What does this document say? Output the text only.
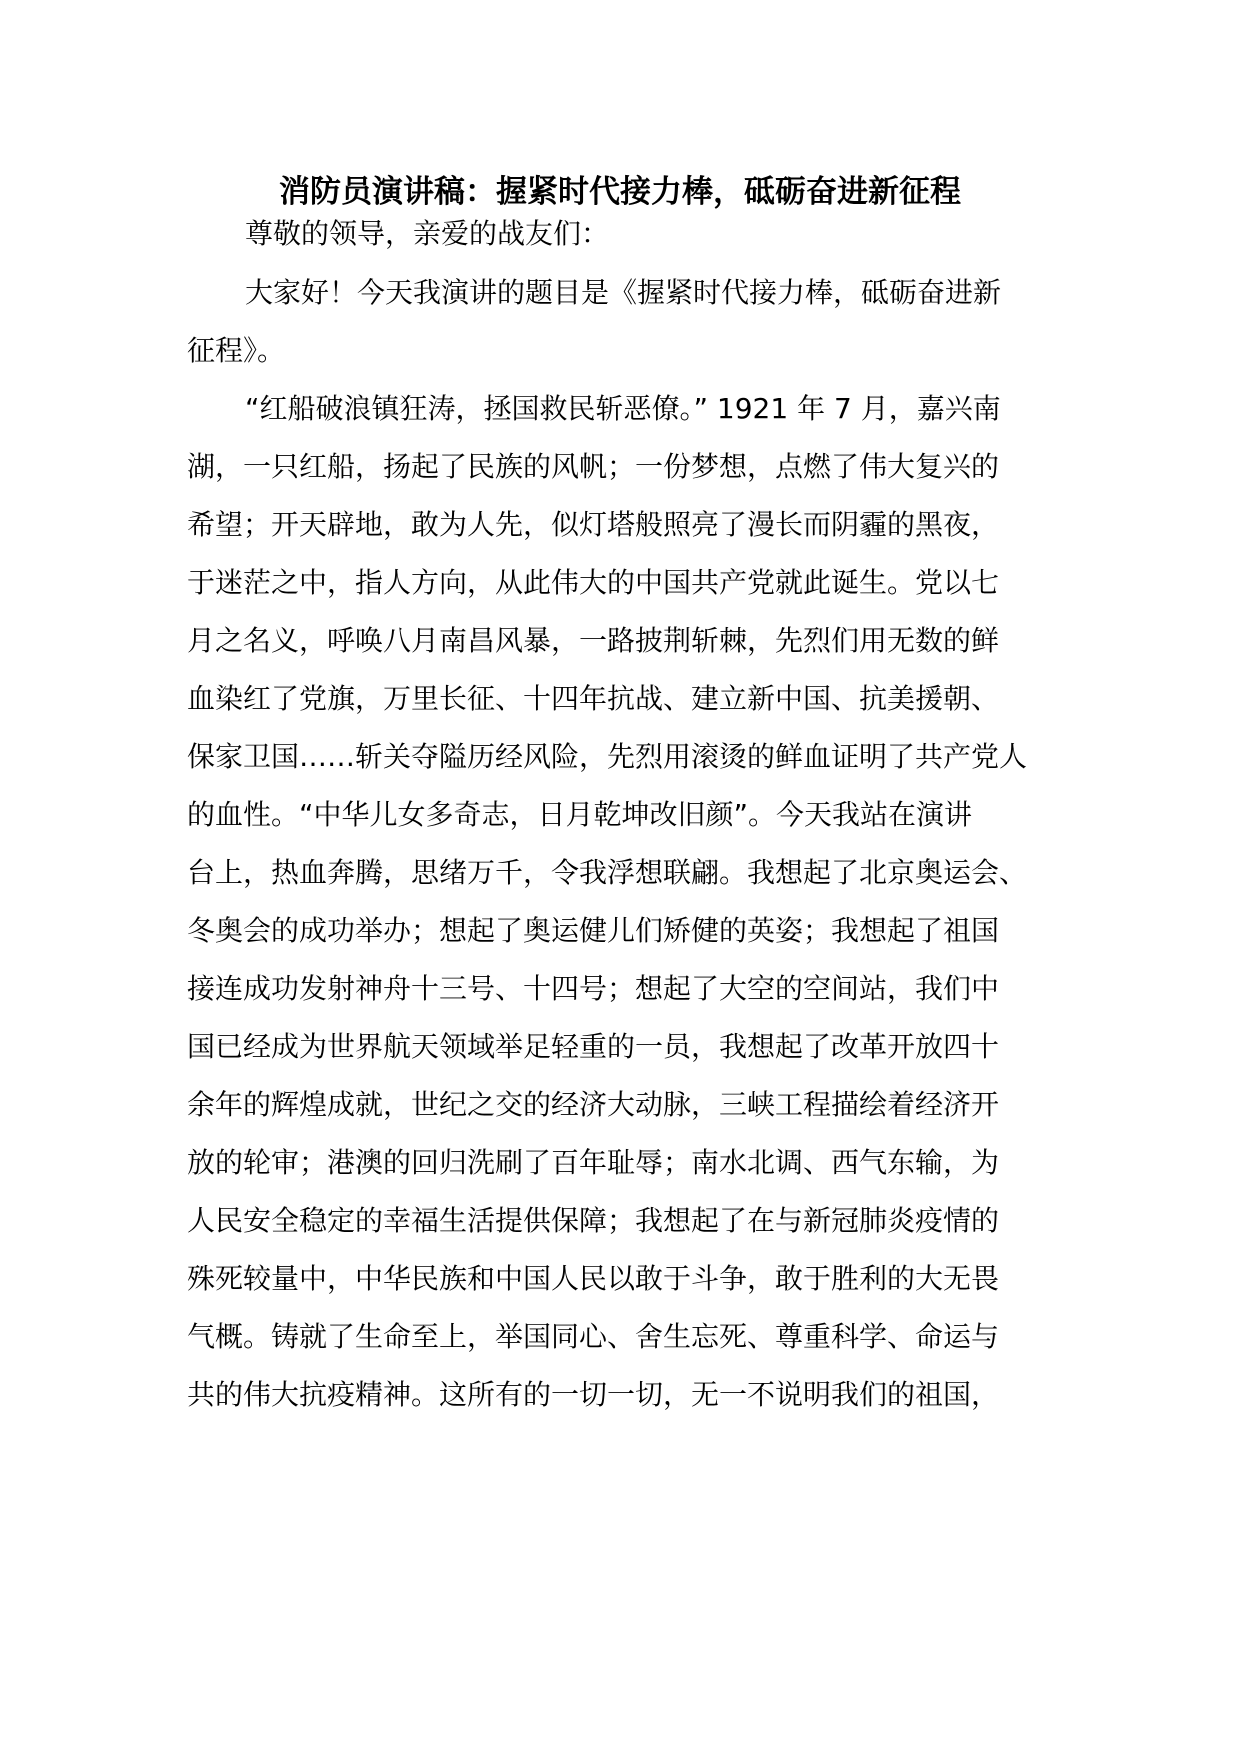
消防员演讲稿：握紧时代接力棒，砥砺奋进新征程
尊敬的领导，亲爱的战友们：
大家好！今天我演讲的题目是《握紧时代接力棒，砥砺奋进新
征程》。
“红船破浪镇狂涛，拯国救民斩恶僚。” 1921 年 7 月，嘉兴南
湖，一只红船，扬起了民族的风帆；一份梦想，点燃了伟大复兴的
希望；开天辟地，敢为人先，似灯塔般照亮了漫长而阴霾的黑夜，
于迷茫之中，指人方向，从此伟大的中国共产党就此诞生。党以七
月之名义，呼唤八月南昌风暴，一路披荆斩棘，先烈们用无数的鲜
血染红了党旗，万里长征、十四年抗战、建立新中国、抗美援朝、
保家卫国……斩关夺隘历经风险，先烈用滚烫的鲜血证明了共产党人
的血性。“中华儿女多奇志，日月乾坤改旧颜”。今天我站在演讲
台上，热血奔腾，思绪万千，令我浮想联翩。我想起了北京奥运会、
冬奥会的成功举办；想起了奥运健儿们矫健的英姿；我想起了祖国
接连成功发射神舟十三号、十四号；想起了大空的空间站，我们中
国已经成为世界航天领域举足轻重的一员，我想起了改革开放四十
余年的辉煌成就，世纪之交的经济大动脉，三峡工程描绘着经济开
放的轮审；港澳的回归洗刷了百年耻辱；南水北调、西气东输，为
人民安全稳定的幸福生活提供保障；我想起了在与新冠肺炎疫情的
殊死较量中，中华民族和中国人民以敢于斗争，敢于胜利的大无畏
气概。铸就了生命至上，举国同心、舍生忘死、尊重科学、命运与
共的伟大抗疫精神。这所有的一切一切，无一不说明我们的祖国，
